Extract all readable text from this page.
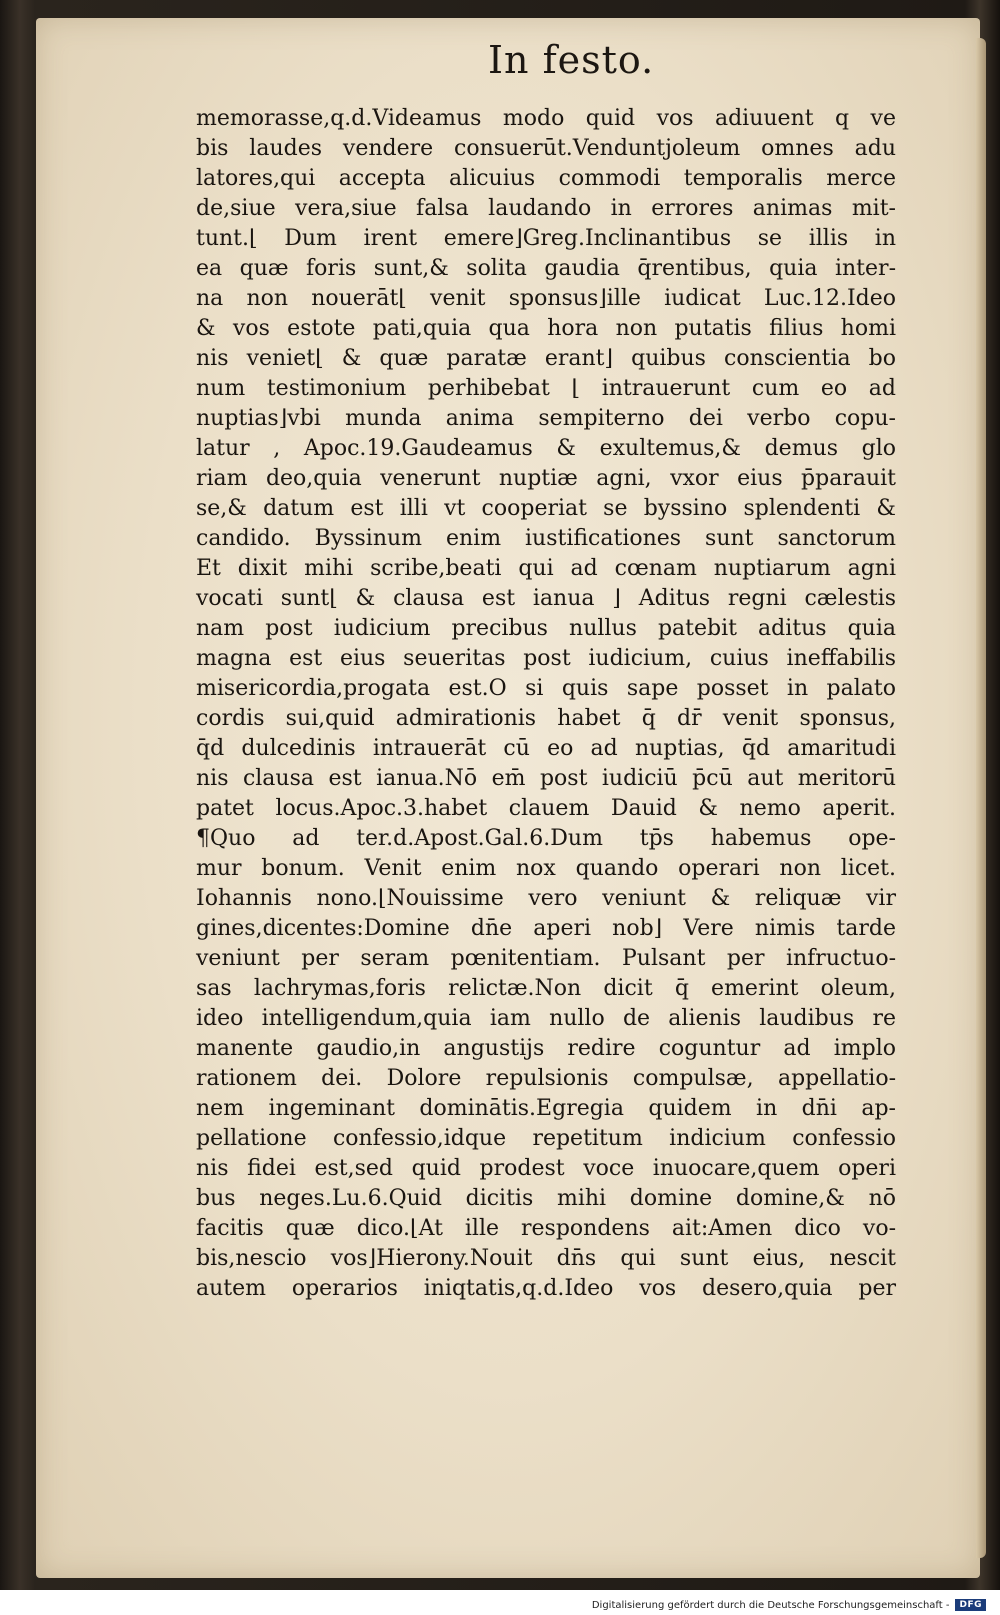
In festo.
memorasse,q.d.Videamus modo quid vos adiuuent q ve
bis laudes vendere consuerūt.Venduntjoleum omnes adu
latores,qui accepta alicuius commodi temporalis merce
de,siue vera,siue falsa laudando in errores animas mit-
tunt.⌊ Dum irent emere⌋Greg.Inclinantibus se illis in
ea quæ foris sunt,& solita gaudia q̄rentibus, quia inter-
na non nouerāt⌊ venit sponsus⌋ille iudicat Luc.12.Ideo
& vos estote pati,quia qua hora non putatis filius homi
nis veniet⌊ & quæ paratæ erant⌋ quibus conscientia bo
num testimonium perhibebat ⌊ intrauerunt cum eo ad
nuptias⌋vbi munda anima sempiterno dei verbo copu-
latur , Apoc.19.Gaudeamus & exultemus,& demus glo
riam deo,quia venerunt nuptiæ agni, vxor eius p̄parauit
se,& datum est illi vt cooperiat se byssino splendenti &
candido. Byssinum enim iustificationes sunt sanctorum
Et dixit mihi scribe,beati qui ad cœnam nuptiarum agni
vocati sunt⌊ & clausa est ianua ⌋ Aditus regni cælestis
nam post iudicium precibus nullus patebit aditus quia
magna est eius seueritas post iudicium, cuius ineffabilis
misericordia,progata est.O si quis sape posset in palato
cordis sui,quid admirationis habet q̄ dr̄ venit sponsus,
q̄d dulcedinis intrauerāt cū eo ad nuptias, q̄d amaritudi
nis clausa est ianua.Nō em̄ post iudiciū p̄cū aut meritorū
patet locus.Apoc.3.habet clauem Dauid & nemo aperit.
¶Quo ad ter.d.Apost.Gal.6.Dum tp̄s habemus ope-
mur bonum. Venit enim nox quando operari non licet.
Iohannis nono.⌊Nouissime vero veniunt & reliquæ vir
gines,dicentes:Domine dn̄e aperi nob⌋ Vere nimis tarde
veniunt per seram pœnitentiam. Pulsant per infructuo-
sas lachrymas,foris relictæ.Non dicit q̄ emerint oleum,
ideo intelligendum,quia iam nullo de alienis laudibus re
manente gaudio,in angustijs redire coguntur ad implo
rationem dei. Dolore repulsionis compulsæ, appellatio-
nem ingeminant dominātis.Egregia quidem in dn̄i ap-
pellatione confessio,idque repetitum indicium confessio
nis fidei est,sed quid prodest voce inuocare,quem operi
bus neges.Lu.6.Quid dicitis mihi domine domine,& nō
facitis quæ dico.⌊At ille respondens ait:Amen dico vo-
bis,nescio vos⌋Hierony.Nouit dn̄s qui sunt eius, nescit
autem operarios iniqtatis,q.d.Ideo vos desero,quia per
Digitalisierung gefördert durch die Deutsche Forschungsgemeinschaft -	DFG
